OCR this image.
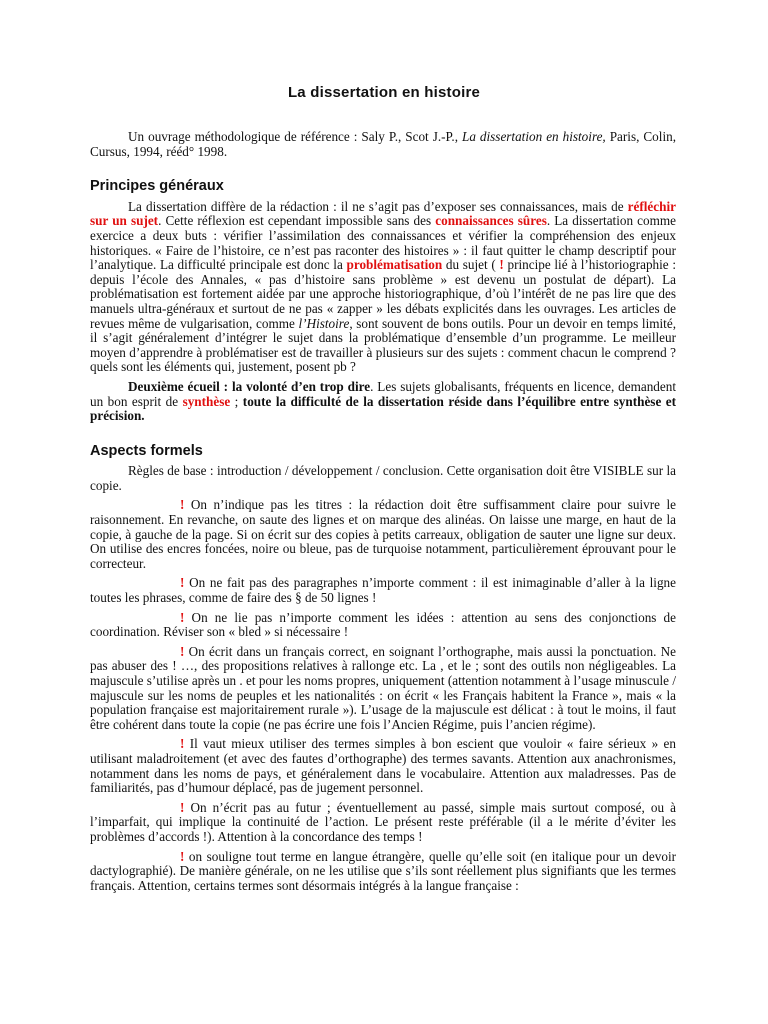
La dissertation en histoire

Un ouvrage méthodologique de référence : Saly P., Scot J.-P., La dissertation en histoire, Paris, Colin, Cursus, 1994, rééd° 1998.

Principes généraux

La dissertation diffère de la rédaction : il ne s’agit pas d’exposer ses connaissances, mais de réfléchir sur un sujet. Cette réflexion est cependant impossible sans des connaissances sûres. La dissertation comme exercice a deux buts : vérifier l’assimilation des connaissances et vérifier la compréhension des enjeux historiques. « Faire de l’histoire, ce n’est pas raconter des histoires » : il faut quitter le champ descriptif pour l’analytique. La difficulté principale est donc la problématisation du sujet ( ! principe lié à l’historiographie : depuis l’école des Annales, « pas d’histoire sans problème » est devenu un postulat de départ). La problématisation est fortement aidée par une approche historiographique, d’où l’intérêt de ne pas lire que des manuels ultra-généraux et surtout de ne pas « zapper » les débats explicités dans les ouvrages. Les articles de revues même de vulgarisation, comme l’Histoire, sont souvent de bons outils. Pour un devoir en temps limité, il s’agit généralement d’intégrer le sujet dans la problématique d’ensemble d’un programme. Le meilleur moyen d’apprendre à problématiser est de travailler à plusieurs sur des sujets : comment chacun le comprend ? quels sont les éléments qui, justement, posent pb ?

Deuxième écueil : la volonté d’en trop dire. Les sujets globalisants, fréquents en licence, demandent un bon esprit de synthèse ; toute la difficulté de la dissertation réside dans l’équilibre entre synthèse et précision.

Aspects formels

Règles de base : introduction / développement / conclusion. Cette organisation doit être VISIBLE sur la copie.

! On n’indique pas les titres : la rédaction doit être suffisamment claire pour suivre le raisonnement. En revanche, on saute des lignes et on marque des alinéas. On laisse une marge, en haut de la copie, à gauche de la page. Si on écrit sur des copies à petits carreaux, obligation de sauter une ligne sur deux. On utilise des encres foncées, noire ou bleue, pas de turquoise notamment, particulièrement éprouvant pour le correcteur.

! On ne fait pas des paragraphes n’importe comment : il est inimaginable d’aller à la ligne toutes les phrases, comme de faire des § de 50 lignes !

! On ne lie pas n’importe comment les idées : attention au sens des conjonctions de coordination. Réviser son « bled » si nécessaire !

! On écrit dans un français correct, en soignant l’orthographe, mais aussi la ponctuation. Ne pas abuser des ! …, des propositions relatives à rallonge etc. La , et le ; sont des outils non négligeables. La majuscule s’utilise après un . et pour les noms propres, uniquement (attention notamment à l’usage minuscule / majuscule sur les noms de peuples et les nationalités : on écrit « les Français habitent la France », mais « la population française est majoritairement rurale »). L’usage de la majuscule est délicat : à tout le moins, il faut être cohérent dans toute la copie (ne pas écrire une fois l’Ancien Régime, puis l’ancien régime).

! Il vaut mieux utiliser des termes simples à bon escient que vouloir « faire sérieux » en utilisant maladroitement (et avec des fautes d’orthographe) des termes savants. Attention aux anachronismes, notamment dans les noms de pays, et généralement dans le vocabulaire. Attention aux maladresses. Pas de familiarités, pas d’humour déplacé, pas de jugement personnel.

! On n’écrit pas au futur ; éventuellement au passé, simple mais surtout composé, ou à l’imparfait, qui implique la continuité de l’action. Le présent reste préférable (il a le mérite d’éviter les problèmes d’accords !). Attention à la concordance des temps !

! on souligne tout terme en langue étrangère, quelle qu’elle soit (en italique pour un devoir dactylographié). De manière générale, on ne les utilise que s’ils sont réellement plus signifiants que les termes français. Attention, certains termes sont désormais intégrés à la langue française :
